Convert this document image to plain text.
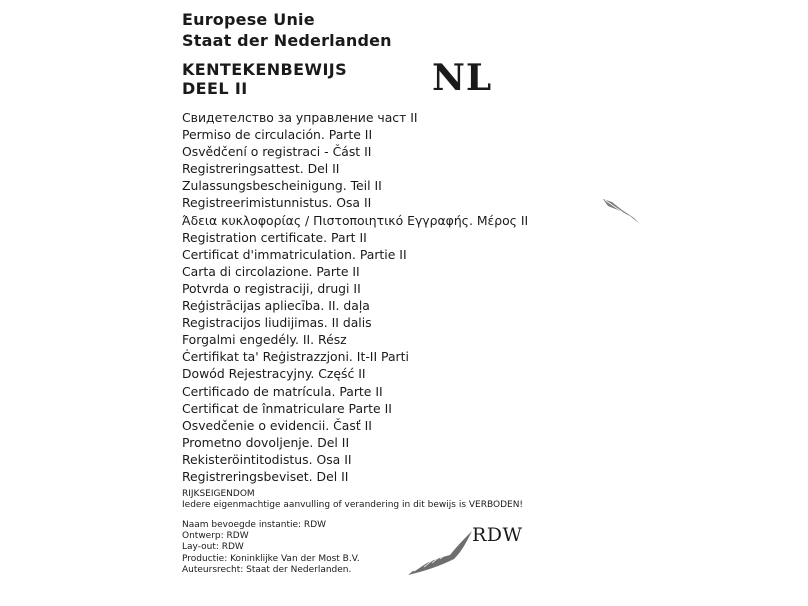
Europese Unie
Staat der Nederlanden
KENTEKENBEWIJS
DEEL II	NL
Свидетелство за управление част II
Permiso de circulación. Parte II
Osvědčení o registraci - Část II
Registreringsattest. Del II
Zulassungsbescheinigung. Teil II
Registreerimistunnistus. Osa II
Άδεια κυκλοφορίας / Πιστοποιητικό Εγγραφής. Μέρος II
Registration certificate. Part II
Certificat d'immatriculation. Partie II
Carta di circolazione. Parte II
Potvrda o registraciji, drugi II
Reģistrācijas apliecība. II. daļa
Registracijos liudijimas. II dalis
Forgalmi engedély. II. Rész
Ċertifikat ta' Reġistrazzjoni. It-II Parti
Dowód Rejestracyjny. Część II
Certificado de matrícula. Parte II
Certificat de înmatriculare Parte II
Osvedčenie o evidencii. Časť II
Prometno dovoljenje. Del II
Rekisteröintitodistus. Osa II
Registreringsbeviset. Del II
RIJKSEIGENDOM
Iedere eigenmachtige aanvulling of verandering in dit bewijs is VERBODEN!
Naam bevoegde instantie: RDW
Ontwerp: RDW
Lay-out: RDW
Productie: Koninklijke Van der Most B.V.
Auteursrecht: Staat der Nederlanden.
RDW
